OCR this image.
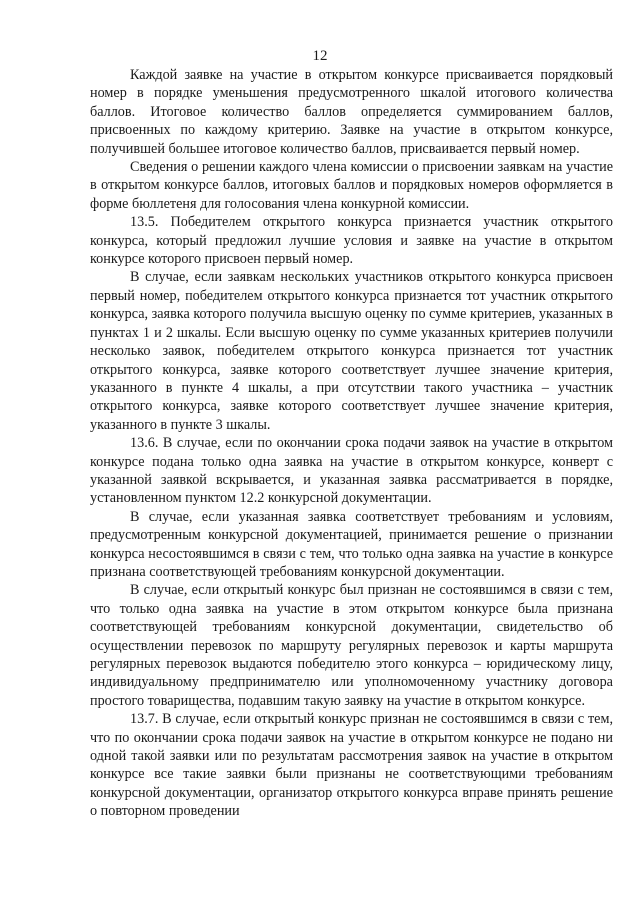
12

Каждой заявке на участие в открытом конкурсе присваивается порядковый номер в порядке уменьшения предусмотренного шкалой итогового количества баллов. Итоговое количество баллов определяется суммированием баллов, присвоенных по каждому критерию. Заявке на участие в открытом конкурсе, получившей большее итоговое количество баллов, присваивается первый номер.

Сведения о решении каждого члена комиссии о присвоении заявкам на участие в открытом конкурсе баллов, итоговых баллов и порядковых номеров оформляется в форме бюллетеня для голосования члена конкурной комиссии.

13.5. Победителем открытого конкурса признается участник открытого конкурса, который предложил лучшие условия и заявке на участие в открытом конкурсе которого присвоен первый номер.

В случае, если заявкам нескольких участников открытого конкурса присвоен первый номер, победителем открытого конкурса признается тот участник открытого конкурса, заявка которого получила высшую оценку по сумме критериев, указанных в пунктах 1 и 2 шкалы. Если высшую оценку по сумме указанных критериев получили несколько заявок, победителем открытого конкурса признается тот участник открытого конкурса, заявке которого соответствует лучшее значение критерия, указанного в пункте 4 шкалы, а при отсутствии такого участника – участник открытого конкурса, заявке которого соответствует лучшее значение критерия, указанного в пункте 3 шкалы.

13.6. В случае, если по окончании срока подачи заявок на участие в открытом конкурсе подана только одна заявка на участие в открытом конкурсе, конверт с указанной заявкой вскрывается, и указанная заявка рассматривается в порядке, установленном пунктом 12.2 конкурсной документации.

В случае, если указанная заявка соответствует требованиям и условиям, предусмотренным конкурсной документацией, принимается решение о признании конкурса несостоявшимся в связи с тем, что только одна заявка на участие в конкурсе признана соответствующей требованиям конкурсной документации.

В случае, если открытый конкурс был признан не состоявшимся в связи с тем, что только одна заявка на участие в этом открытом конкурсе была признана соответствующей требованиям конкурсной документации, свидетельство об осуществлении перевозок по маршруту регулярных перевозок и карты маршрута регулярных перевозок выдаются победителю этого конкурса – юридическому лицу, индивидуальному предпринимателю или уполномоченному участнику договора простого товарищества, подавшим такую заявку на участие в открытом конкурсе.

13.7. В случае, если открытый конкурс признан не состоявшимся в связи с тем, что по окончании срока подачи заявок на участие в открытом конкурсе не подано ни одной такой заявки или по результатам рассмотрения заявок на участие в открытом конкурсе все такие заявки были признаны не соответствующими требованиям конкурсной документации, организатор открытого конкурса вправе принять решение о повторном проведении
